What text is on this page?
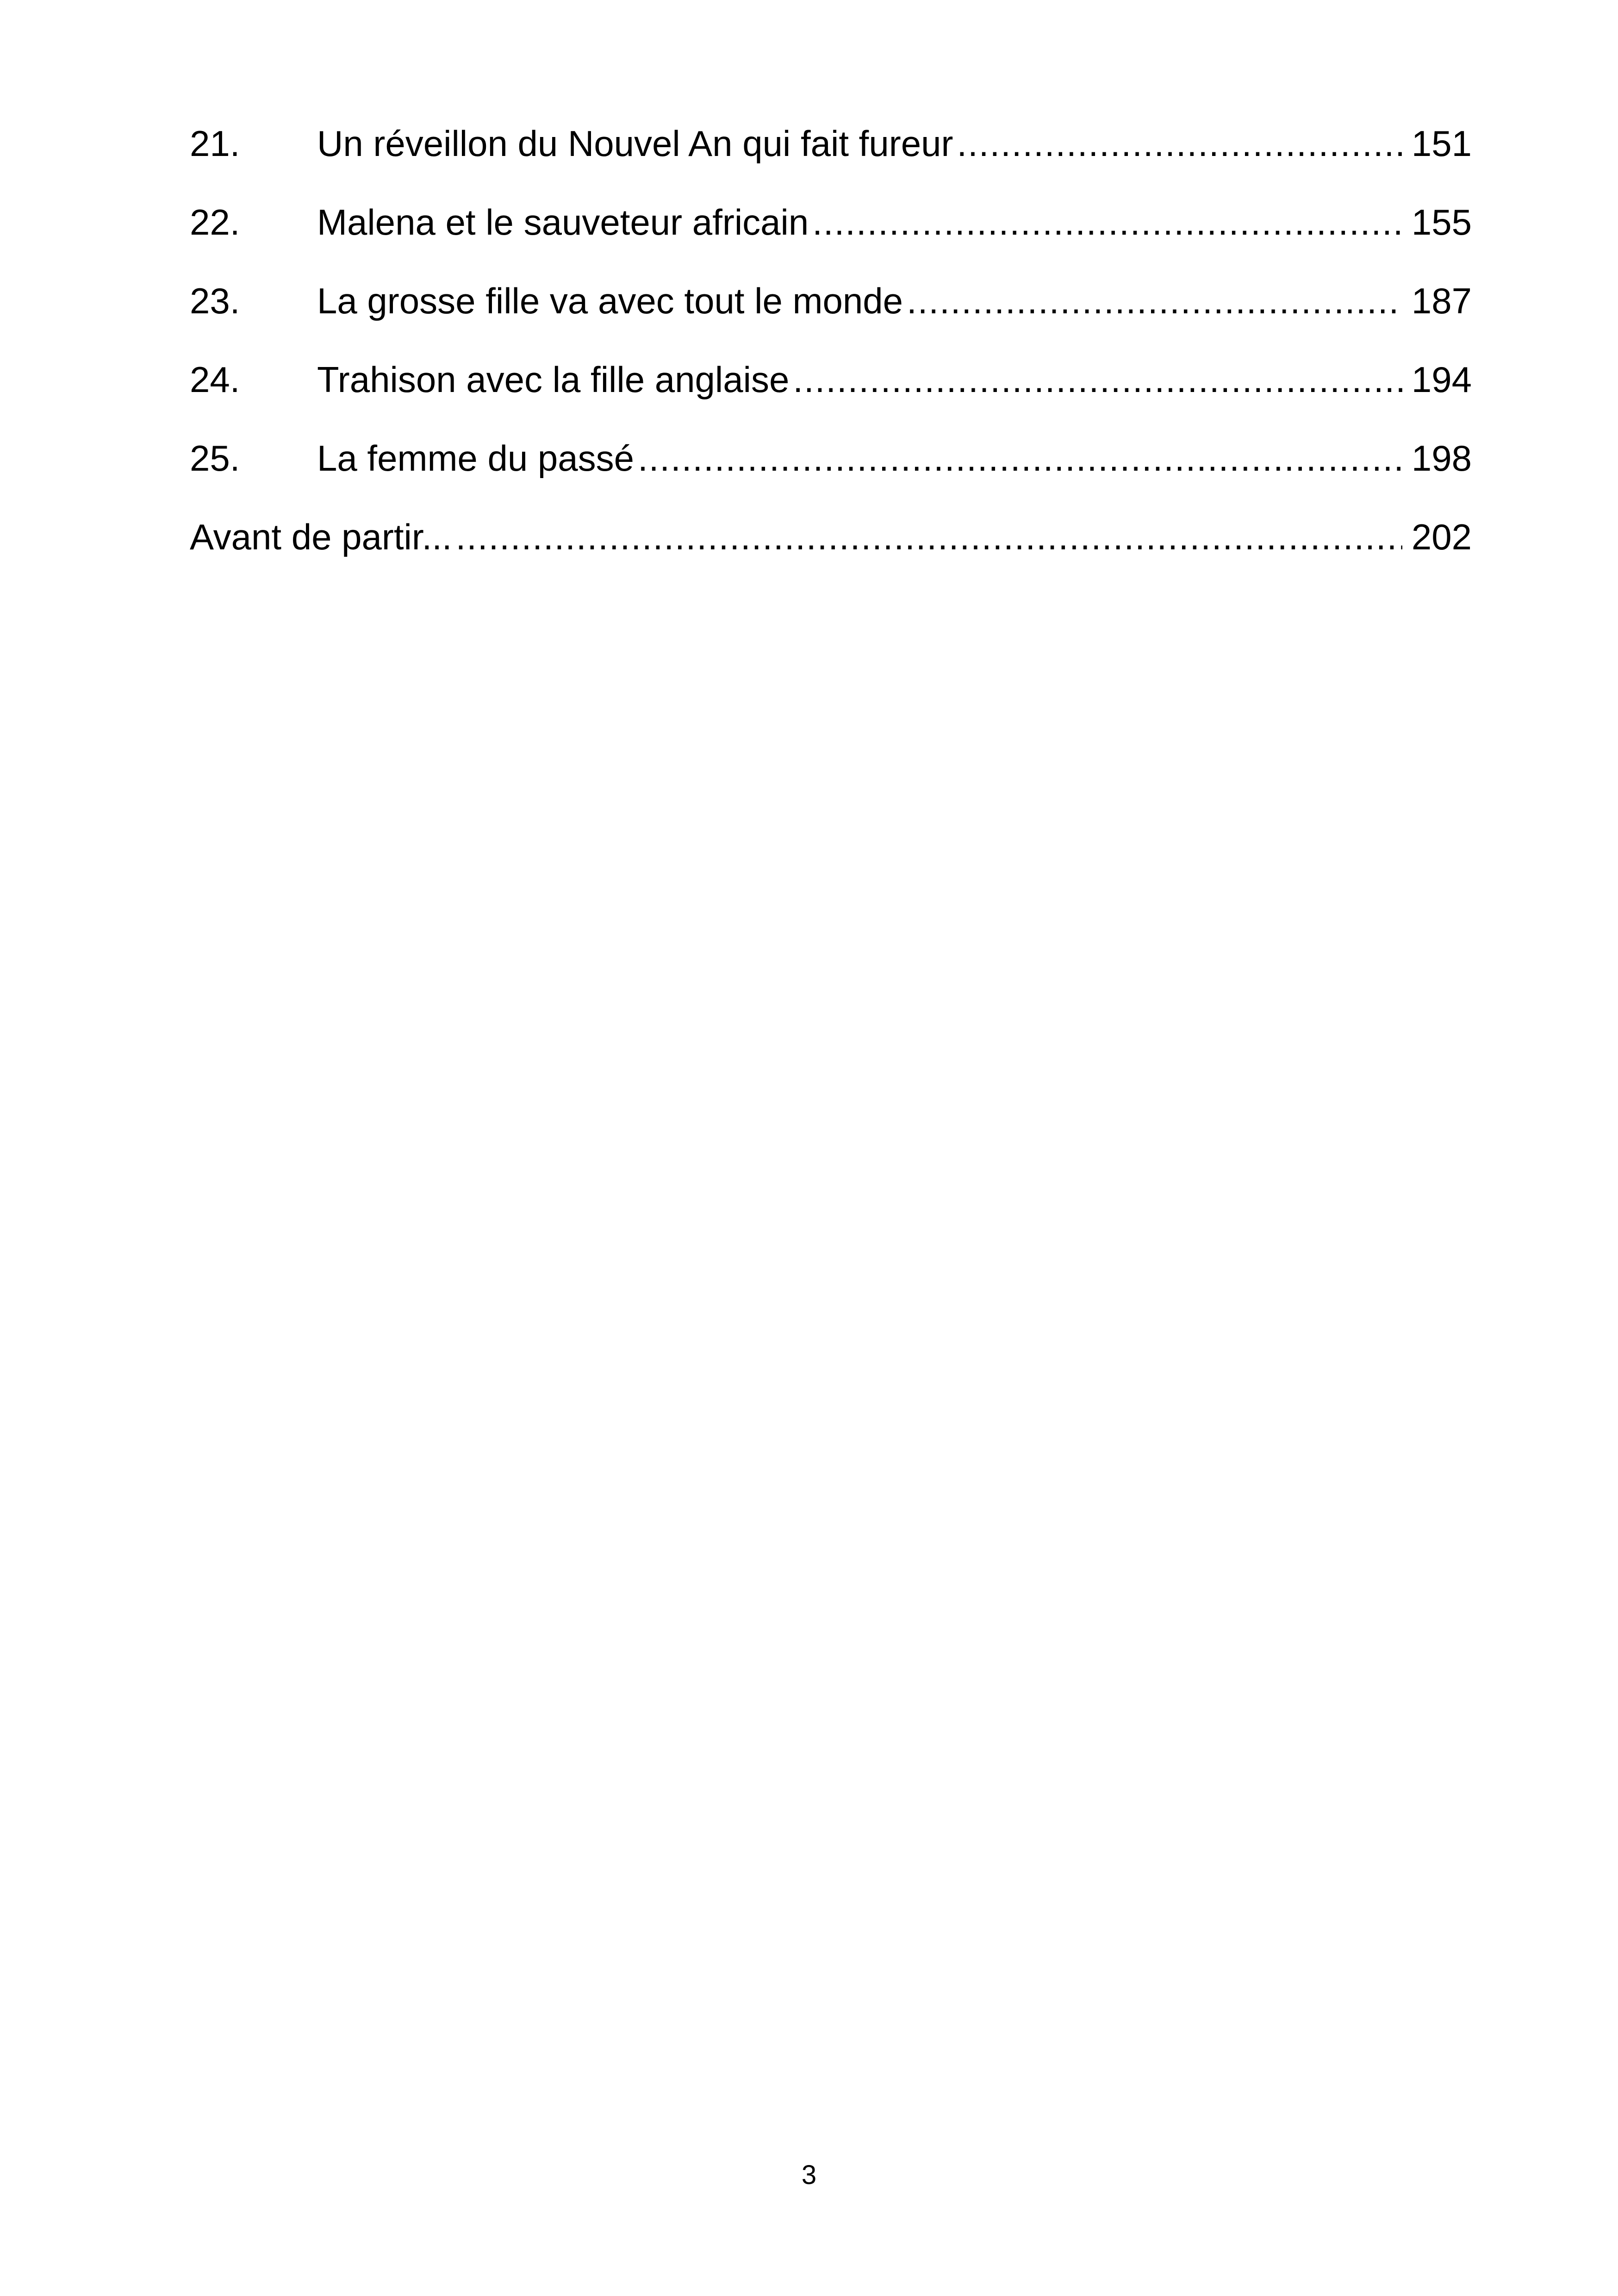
21.	Un réveillon du Nouvel An qui fait fureur .....	151
22.	Malena et le sauveteur africain .....	155
23.	La grosse fille va avec tout le monde .....	187
24.	Trahison avec la fille anglaise .....	194
25.	La femme du passé .....	198
Avant de partir... .....	202
3
